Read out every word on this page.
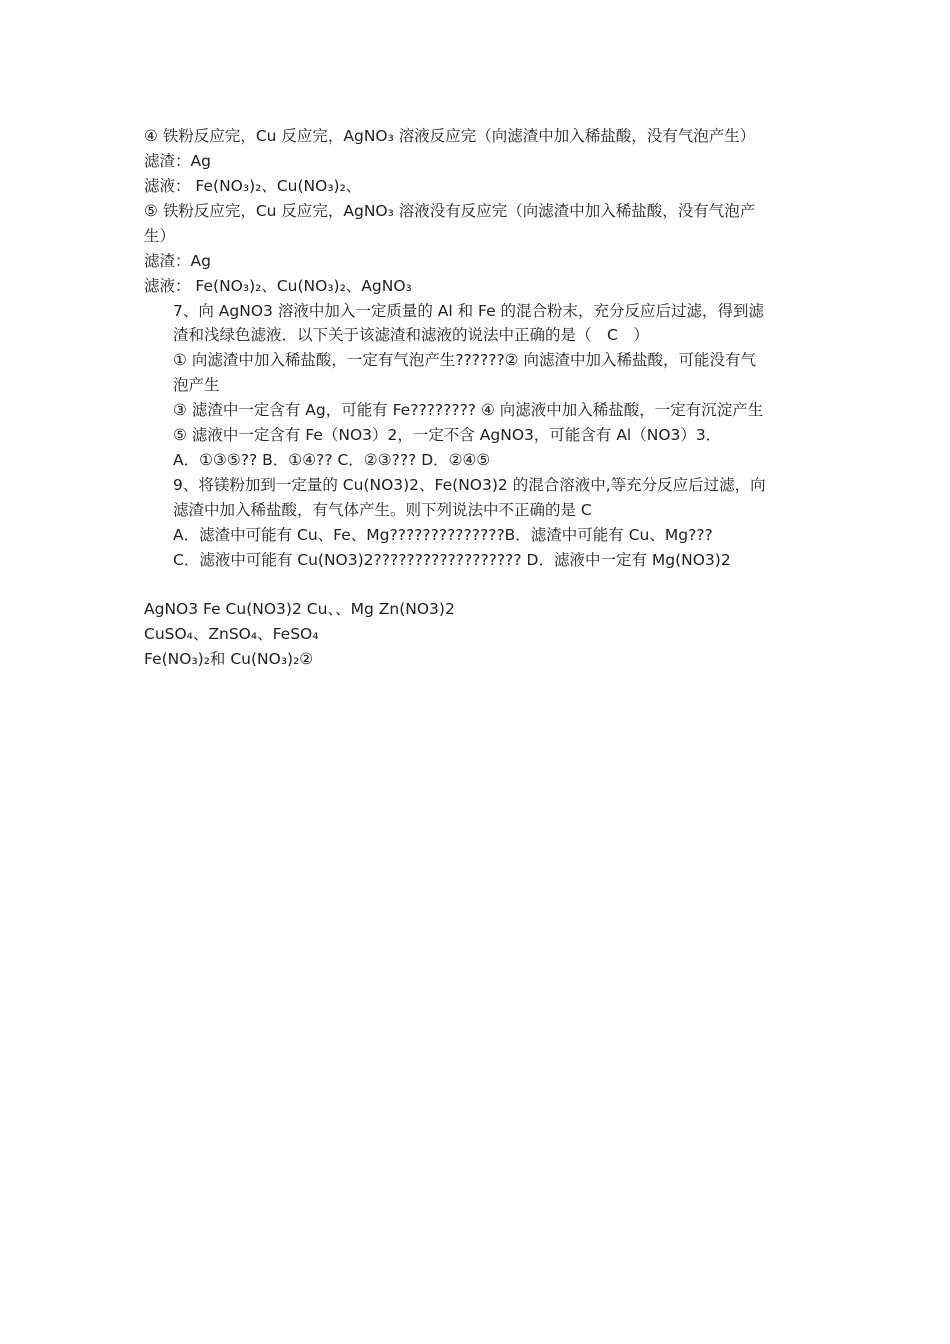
④ 铁粉反应完，Cu 反应完，AgNO₃ 溶液反应完（向滤渣中加入稀盐酸，没有气泡产生）
滤渣：Ag
滤液： Fe(NO₃)₂、Cu(NO₃)₂、
⑤ 铁粉反应完，Cu 反应完，AgNO₃ 溶液没有反应完（向滤渣中加入稀盐酸，没有气泡产
生）
滤渣：Ag
滤液： Fe(NO₃)₂、Cu(NO₃)₂、AgNO₃
7、向 AgNO3 溶液中加入一定质量的 Al 和 Fe 的混合粉末，充分反应后过滤，得到滤
渣和浅绿色滤液．以下关于该滤渣和滤液的说法中正确的是（　C　）
① 向滤渣中加入稀盐酸，一定有气泡产生??????② 向滤渣中加入稀盐酸，可能没有气
泡产生
③ 滤渣中一定含有 Ag，可能有 Fe???????? ④ 向滤液中加入稀盐酸，一定有沉淀产生
⑤ 滤液中一定含有 Fe（NO3）2，一定不含 AgNO3，可能含有 Al（NO3）3．
A．①③⑤?? B．①④?? C．②③??? D．②④⑤
9、将镁粉加到一定量的 Cu(NO3)2、Fe(NO3)2 的混合溶液中,等充分反应后过滤，向
滤渣中加入稀盐酸，有气体产生。则下列说法中不正确的是 C
A．滤渣中可能有 Cu、Fe、Mg??????????????B．滤渣中可能有 Cu、Mg???
C．滤液中可能有 Cu(NO3)2?????????????????? D．滤液中一定有 Mg(NO3)2
AgNO3 Fe Cu(NO3)2 Cu、、Mg Zn(NO3)2
CuSO₄、ZnSO₄、FeSO₄
Fe(NO₃)₂和 Cu(NO₃)₂②
